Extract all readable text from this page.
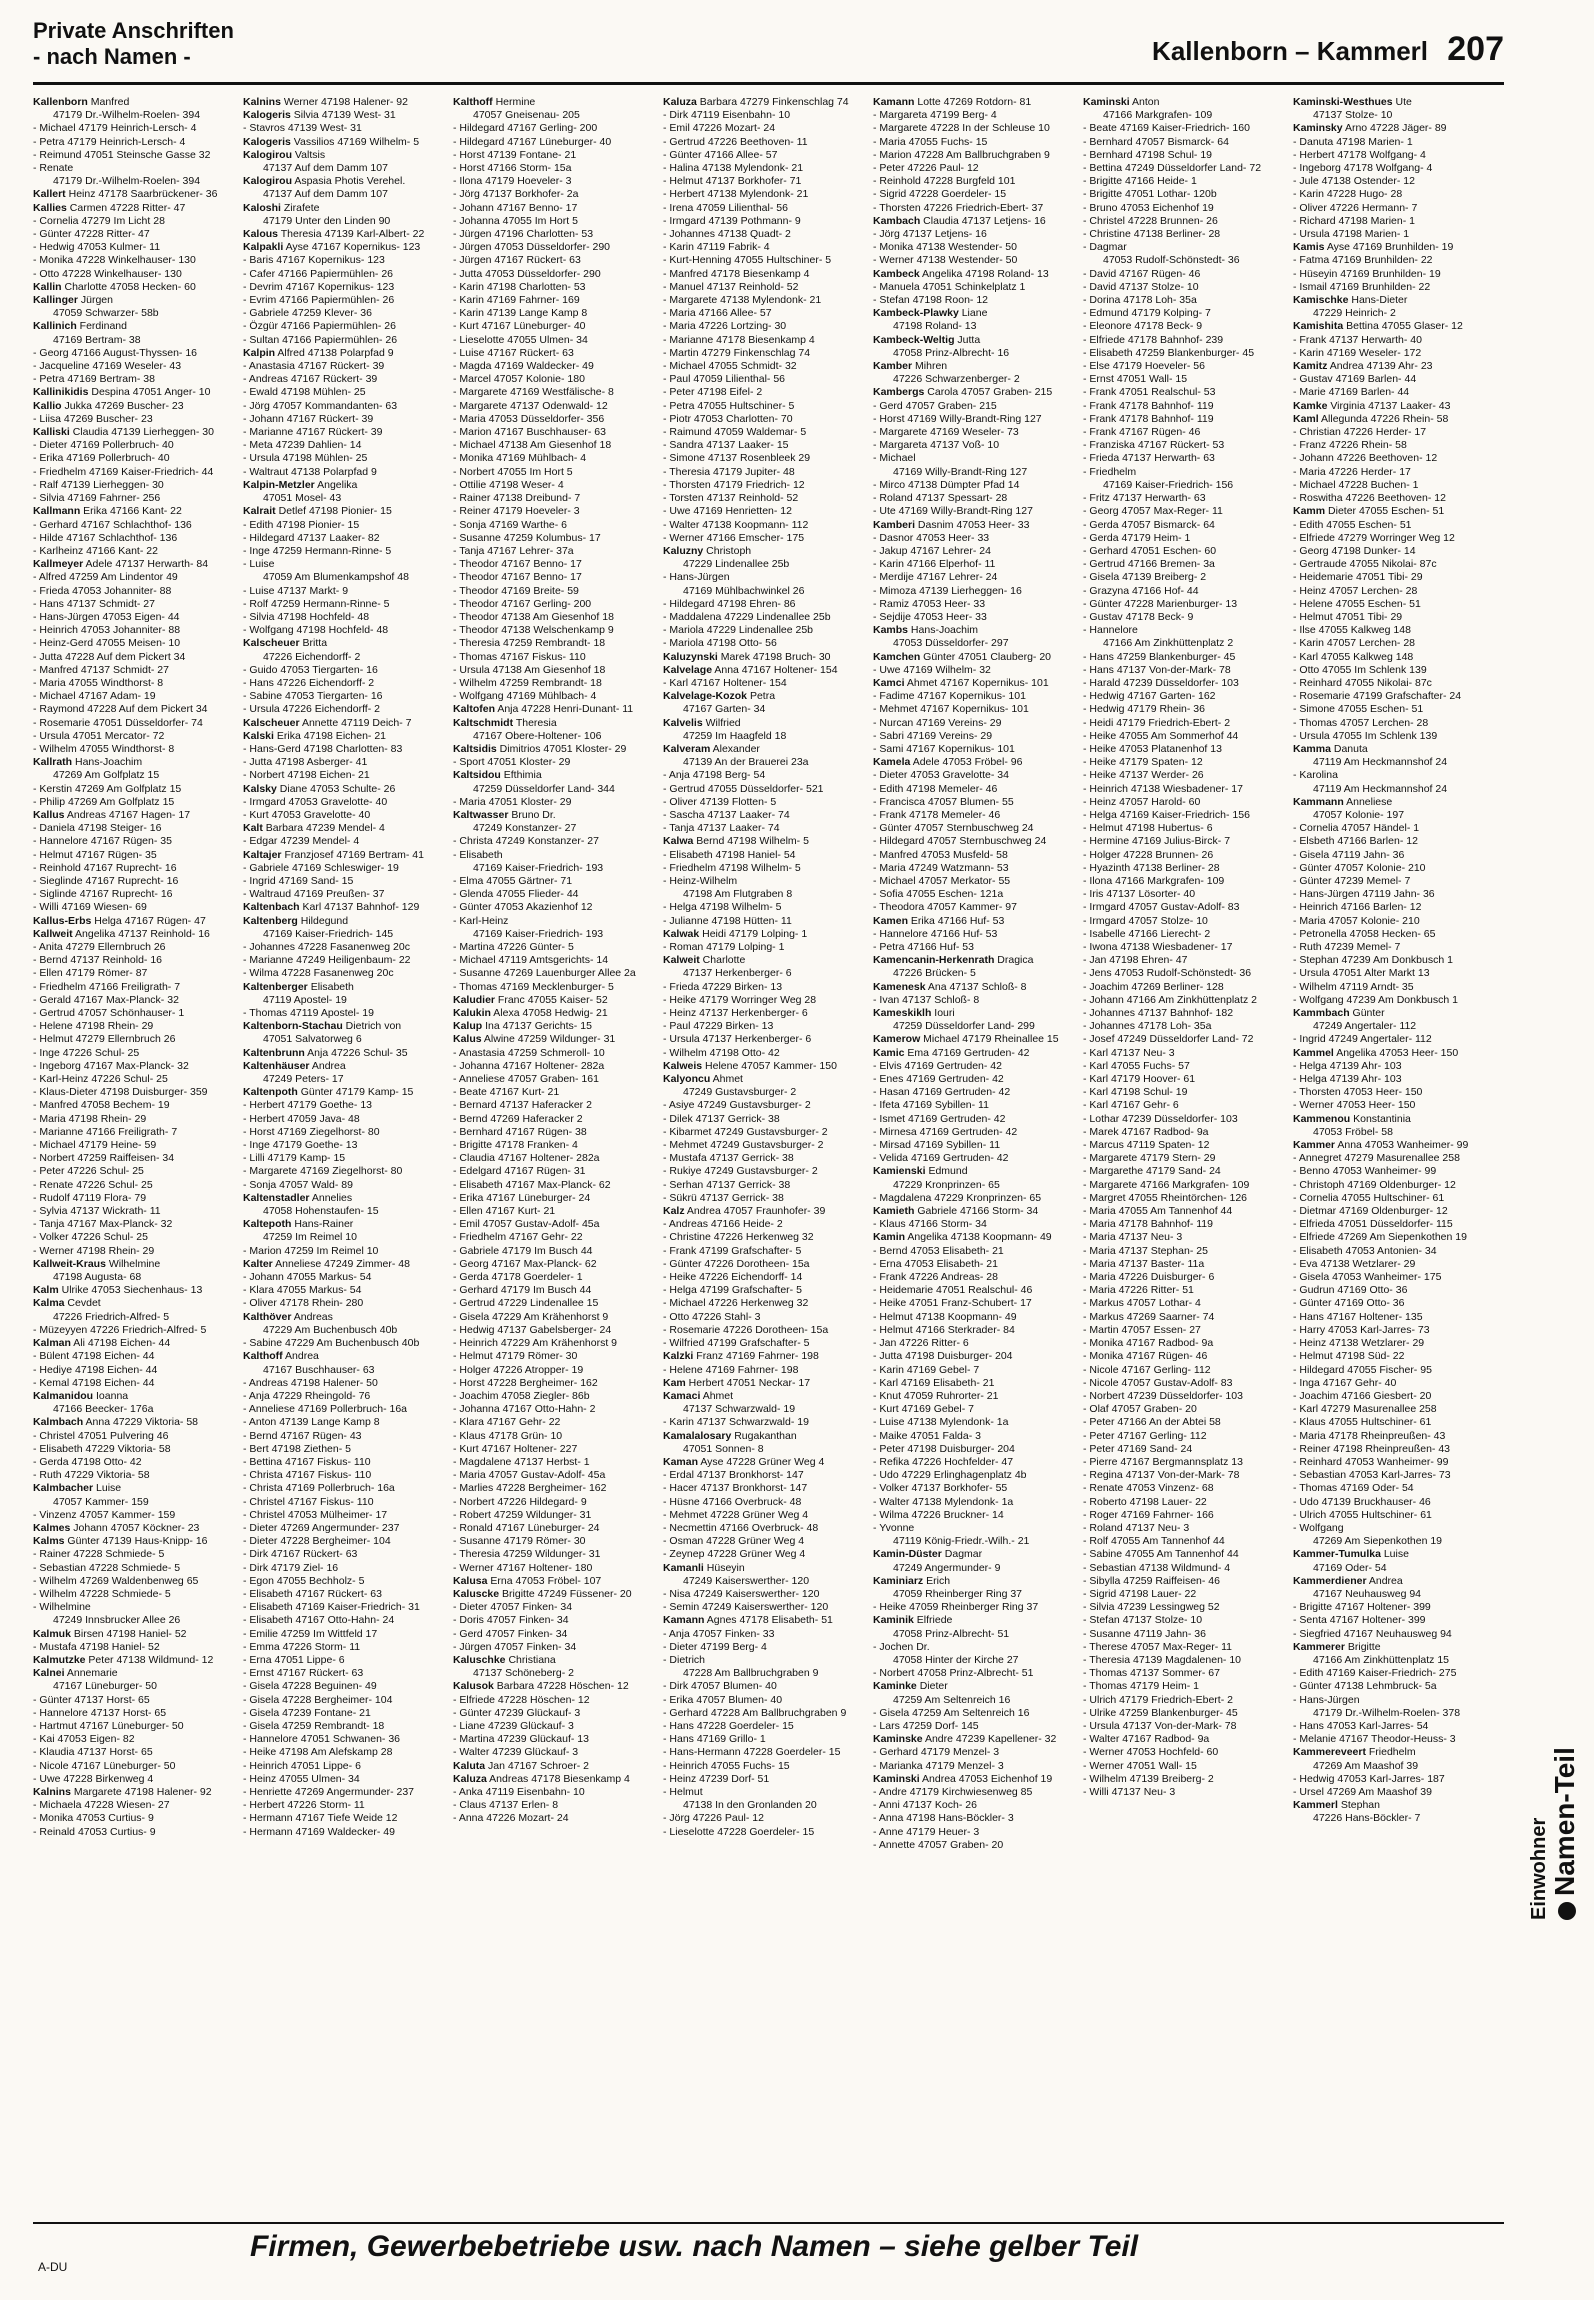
Private Anschriften
- nach Namen -	Kallenborn – Kammerl 207
Kallenborn Manfred
47179 Dr.-Wilhelm-Roelen- 394
- Michael 47179 Heinrich-Lersch- 4
- Petra 47179 Heinrich-Lersch- 4
- Reimund 47051 Steinsche Gasse 32
- Renate
47179 Dr.-Wilhelm-Roelen- 394
Kallert Heinz 47178 Saarbrückener- 36
Kallies Carmen 47228 Ritter- 47
- Cornelia 47279 Im Licht 28
- Günter 47228 Ritter- 47
- Hedwig 47053 Kulmer- 11
- Monika 47228 Winkelhauser- 130
- Otto 47228 Winkelhauser- 130
Kallin Charlotte 47058 Hecken- 60
Kallinger Jürgen
47059 Schwarzer- 58b
Kallinich Ferdinand
47169 Bertram- 38
- Georg 47166 August-Thyssen- 16
- Jacqueline 47169 Weseler- 43
- Petra 47169 Bertram- 38
Kallinikidis Despina 47051 Anger- 10
Kallio Jukka 47269 Buscher- 23
- Liisa 47269 Buscher- 23
Kalliski Claudia 47139 Lierheggen- 30
- Dieter 47169 Pollerbruch- 40
- Erika 47169 Pollerbruch- 40
- Friedhelm 47169 Kaiser-Friedrich- 44
- Ralf 47139 Lierheggen- 30
- Silvia 47169 Fahrner- 256
Kallmann Erika 47166 Kant- 22
- Gerhard 47167 Schlachthof- 136
- Hilde 47167 Schlachthof- 136
- Karlheinz 47166 Kant- 22
Kallmeyer Adele 47137 Herwarth- 84
- Alfred 47259 Am Lindentor 49
- Frieda 47053 Johanniter- 88
- Hans 47137 Schmidt- 27
- Hans-Jürgen 47053 Eigen- 44
- Heinrich 47053 Johanniter- 88
- Heinz-Gerd 47055 Meisen- 10
- Jutta 47228 Auf dem Pickert 34
- Manfred 47137 Schmidt- 27
- Maria 47055 Windthorst- 8
- Michael 47167 Adam- 19
- Raymond 47228 Auf dem Pickert 34
- Rosemarie 47051 Düsseldorfer- 74
- Ursula 47051 Mercator- 72
- Wilhelm 47055 Windthorst- 8
Kallrath Hans-Joachim
47269 Am Golfplatz 15
- Kerstin 47269 Am Golfplatz 15
- Philip 47269 Am Golfplatz 15
Kallus Andreas 47167 Hagen- 17
- Daniela 47198 Steiger- 16
- Hannelore 47167 Rügen- 35
- Helmut 47167 Rügen- 35
- Reinhold 47167 Ruprecht- 16
- Sieglinde 47167 Ruprecht- 16
- Siglinde 47167 Ruprecht- 16
- Willi 47169 Wiesen- 69
Kallus-Erbs Helga 47167 Rügen- 47
Kallweit Angelika 47137 Reinhold- 16
- Anita 47279 Ellernbruch 26
- Bernd 47137 Reinhold- 16
- Ellen 47179 Römer- 87
- Friedhelm 47166 Freiligrath- 7
- Gerald 47167 Max-Planck- 32
- Gertrud 47057 Schönhauser- 1
- Helene 47198 Rhein- 29
- Helmut 47279 Ellernbruch 26
- Inge 47226 Schul- 25
- Ingeborg 47167 Max-Planck- 32
- Karl-Heinz 47226 Schul- 25
- Klaus-Dieter 47198 Duisburger- 359
- Manfred 47058 Bechem- 19
- Maria 47198 Rhein- 29
- Marianne 47166 Freiligrath- 7
- Michael 47179 Heine- 59
- Norbert 47259 Raiffeisen- 34
- Peter 47226 Schul- 25
- Renate 47226 Schul- 25
- Rudolf 47119 Flora- 79
- Sylvia 47137 Wickrath- 11
- Tanja 47167 Max-Planck- 32
- Volker 47226 Schul- 25
- Werner 47198 Rhein- 29
Kallweit-Kraus Wilhelmine
47198 Augusta- 68
Kalm Ulrike 47053 Siechenhaus- 13
Kalma Cevdet
47226 Friedrich-Alfred- 5
- Müzeyyen 47226 Friedrich-Alfred- 5
Kalman Ali 47198 Eichen- 44
- Bülent 47198 Eichen- 44
- Hediye 47198 Eichen- 44
- Kemal 47198 Eichen- 44
Kalmanidou Ioanna
47166 Beecker- 176a
Kalmbach Anna 47229 Viktoria- 58
- Christel 47051 Pulvering 46
- Elisabeth 47229 Viktoria- 58
- Gerda 47198 Otto- 42
- Ruth 47229 Viktoria- 58
Kalmbacher Luise
47057 Kammer- 159
- Vinzenz 47057 Kammer- 159
Kalmes Johann 47057 Köckner- 23
Kalms Günter 47139 Haus-Knipp- 16
- Rainer 47228 Schmiede- 5
- Sebastian 47228 Schmiede- 5
- Wilhelm 47269 Waldenbenweg 65
- Wilhelm 47228 Schmiede- 5
- Wilhelmine
47249 Innsbrucker Allee 26
Kalmuk Birsen 47198 Haniel- 52
- Mustafa 47198 Haniel- 52
Kalmutzke Peter 47138 Wildmund- 12
Kalnei Annemarie
47167 Lüneburger- 50
- Günter 47137 Horst- 65
- Hannelore 47137 Horst- 65
- Hartmut 47167 Lüneburger- 50
- Kai 47053 Eigen- 82
- Klaudia 47137 Horst- 65
- Nicole 47167 Lüneburger- 50
- Uwe 47228 Birkenweg 4
Kalnins Margarete 47198 Halener- 92
- Michaela 47228 Wiesen- 27
- Monika 47053 Curtius- 9
- Reinald 47053 Curtius- 9
Kalnins Werner 47198 Halener- 92
Kalogeris Silvia 47139 West- 31
- Stavros 47139 West- 31
Kalogeris Vassilios 47169 Wilhelm- 5
Kalogirou Valtsis
47137 Auf dem Damm 107
Kalogirou Aspasia Photis Verehel.
47137 Auf dem Damm 107
Kaloshi Zirafete
47179 Unter den Linden 90
Kalous Theresia 47139 Karl-Albert- 22
Kalpakli Ayse 47167 Kopernikus- 123
- Baris 47167 Kopernikus- 123
- Cafer 47166 Papiermühlen- 26
- Devrim 47167 Kopernikus- 123
- Evrim 47166 Papiermühlen- 26
- Gabriele 47259 Klever- 36
- Özgür 47166 Papiermühlen- 26
- Sultan 47166 Papiermühlen- 26
Kalpin Alfred 47138 Polarpfad 9
- Anastasia 47167 Rückert- 39
- Andreas 47167 Rückert- 39
- Ewald 47198 Mühlen- 25
- Jörg 47057 Kommandanten- 63
- Johann 47167 Rückert- 39
- Marianne 47167 Rückert- 39
- Meta 47239 Dahlien- 14
- Ursula 47198 Mühlen- 25
- Waltraut 47138 Polarpfad 9
Kalpin-Metzler Angelika
47051 Mosel- 43
Kalrait Detlef 47198 Pionier- 15
- Edith 47198 Pionier- 15
- Hildegard 47137 Laaker- 82
- Inge 47259 Hermann-Rinne- 5
- Luise
47059 Am Blumenkampshof 48
- Luise 47137 Markt- 9
- Rolf 47259 Hermann-Rinne- 5
- Silvia 47198 Hochfeld- 48
- Wolfgang 47198 Hochfeld- 48
Kalscheuer Britta
47226 Eichendorff- 2
- Guido 47053 Tiergarten- 16
- Hans 47226 Eichendorff- 2
- Sabine 47053 Tiergarten- 16
- Ursula 47226 Eichendorff- 2
Kalscheuer Annette 47119 Deich- 7
Kalski Erika 47198 Eichen- 21
- Hans-Gerd 47198 Charlotten- 83
- Jutta 47198 Asberger- 41
- Norbert 47198 Eichen- 21
Kalsky Diane 47053 Schulte- 26
- Irmgard 47053 Gravelotte- 40
- Kurt 47053 Gravelotte- 40
Kalt Barbara 47239 Mendel- 4
- Edgar 47239 Mendel- 4
Kaltajer Franzjosef 47169 Bertram- 41
- Gabriele 47169 Schleswiger- 19
- Ingrid 47169 Sand- 15
- Waltraud 47169 Preußen- 37
Kaltenbach Karl 47137 Bahnhof- 129
Kaltenberg Hildegund
47169 Kaiser-Friedrich- 145
- Johannes 47228 Fasanenweg 20c
- Marianne 47249 Heiligenbaum- 22
- Wilma 47228 Fasanenweg 20c
Kaltenberger Elisabeth
47119 Apostel- 19
- Thomas 47119 Apostel- 19
Kaltenborn-Stachau Dietrich von
47051 Salvatorweg 6
Kaltenbrunn Anja 47226 Schul- 35
Kaltenhäuser Andrea
47249 Peters- 17
Kaltenpoth Günter 47179 Kamp- 15
- Herbert 47179 Goethe- 13
- Herbert 47059 Java- 48
- Horst 47169 Ziegelhorst- 80
- Inge 47179 Goethe- 13
- Lilli 47179 Kamp- 15
- Margarete 47169 Ziegelhorst- 80
- Sonja 47057 Wald- 89
Kaltenstadler Annelies
47058 Hohenstaufen- 15
Kaltepoth Hans-Rainer
47259 Im Reimel 10
- Marion 47259 Im Reimel 10
Kalter Anneliese 47249 Zimmer- 48
- Johann 47055 Markus- 54
- Klara 47055 Markus- 54
- Oliver 47178 Rhein- 280
Kalthöver Andreas
47229 Am Buchenbusch 40b
- Sabine 47229 Am Buchenbusch 40b
Kalthoff Andrea
47167 Buschhauser- 63
- Andreas 47198 Halener- 50
- Anja 47229 Rheingold- 76
- Anneliese 47169 Pollerbruch- 16a
- Anton 47139 Lange Kamp 8
- Bernd 47167 Rügen- 43
- Bert 47198 Ziethen- 5
- Bettina 47167 Fiskus- 110
- Christa 47167 Fiskus- 110
- Christa 47169 Pollerbruch- 16a
- Christel 47167 Fiskus- 110
- Christel 47053 Mülheimer- 17
- Dieter 47269 Angermunder- 237
- Dieter 47228 Bergheimer- 104
- Dirk 47167 Rückert- 63
- Dirk 47179 Ziel- 16
- Egon 47055 Bechholz- 5
- Elisabeth 47167 Rückert- 63
- Elisabeth 47169 Kaiser-Friedrich- 31
- Elisabeth 47167 Otto-Hahn- 24
- Emilie 47259 Im Wittfeld 17
- Emma 47226 Storm- 11
- Erna 47051 Lippe- 6
- Ernst 47167 Rückert- 63
- Gisela 47228 Beguinen- 49
- Gisela 47228 Bergheimer- 104
- Gisela 47239 Fontane- 21
- Gisela 47259 Rembrandt- 18
- Hannelore 47051 Schwanen- 36
- Heike 47198 Am Alefskamp 28
- Heinrich 47051 Lippe- 6
- Heinz 47055 Ulmen- 34
- Henriette 47269 Angermunder- 237
- Herbert 47226 Storm- 11
- Hermann 47167 Tiefe Weide 12
- Hermann 47169 Waldecker- 49
Kalthoff Hermine
47057 Gneisenau- 205
- Hildegard 47167 Gerling- 200
- Hildegard 47167 Lüneburger- 40
- Horst 47139 Fontane- 21
- Horst 47166 Storm- 15a
- Ilona 47179 Hoeveler- 3
- Jörg 47137 Borkhofer- 2a
- Johann 47167 Benno- 17
- Johanna 47055 Im Hort 5
- Jürgen 47196 Charlotten- 53
- Jürgen 47053 Düsseldorfer- 290
- Jürgen 47167 Rückert- 63
- Jutta 47053 Düsseldorfer- 290
- Karin 47198 Charlotten- 53
- Karin 47169 Fahrner- 169
- Karin 47139 Lange Kamp 8
- Kurt 47167 Lüneburger- 40
- Lieselotte 47055 Ulmen- 34
- Luise 47167 Rückert- 63
- Magda 47169 Waldecker- 49
- Marcel 47057 Kolonie- 180
- Margarete 47169 Westfälische- 8
- Margarete 47137 Odenwald- 12
- Maria 47053 Düsseldorfer- 356
- Marion 47167 Buschhauser- 63
- Michael 47138 Am Giesenhof 18
- Monika 47169 Mühlbach- 4
- Norbert 47055 Im Hort 5
- Ottilie 47198 Weser- 4
- Rainer 47138 Dreibund- 7
- Reiner 47179 Hoeveler- 3
- Sonja 47169 Warthe- 6
- Susanne 47259 Kolumbus- 17
- Tanja 47167 Lehrer- 37a
- Theodor 47167 Benno- 17
- Theodor 47167 Benno- 17
- Theodor 47169 Breite- 59
- Theodor 47167 Gerling- 200
- Theodor 47138 Am Giesenhof 18
- Theodor 47138 Welschenkamp 9
- Theresia 47259 Rembrandt- 18
- Thomas 47167 Fiskus- 110
- Ursula 47138 Am Giesenhof 18
- Wilhelm 47259 Rembrandt- 18
- Wolfgang 47169 Mühlbach- 4
Kaltofen Anja 47228 Henri-Dunant- 11
Kaltschmidt Theresia
47167 Obere-Holtener- 106
Kaltsidis Dimitrios 47051 Kloster- 29
- Sport 47051 Kloster- 29
Kaltsidou Efthimia
47259 Düsseldorfer Land- 344
- Maria 47051 Kloster- 29
Kaltwasser Bruno Dr.
47249 Konstanzer- 27
- Christa 47249 Konstanzer- 27
- Elisabeth
47169 Kaiser-Friedrich- 193
- Elma 47055 Gärtner- 71
- Glenda 47055 Flieder- 44
- Günter 47053 Akazienhof 12
- Karl-Heinz
47169 Kaiser-Friedrich- 193
- Martina 47226 Günter- 5
- Michael 47119 Amtsgerichts- 14
- Susanne 47269 Lauenburger Allee 2a
- Thomas 47169 Mecklenburger- 5
Kaludier Franc 47055 Kaiser- 52
Kalukin Alexa 47058 Hedwig- 21
Kalup Ina 47137 Gerichts- 15
Kalus Alwine 47259 Wildunger- 31
- Anastasia 47259 Schmeroll- 10
- Johanna 47167 Holtener- 282a
- Anneliese 47057 Graben- 161
- Beate 47167 Kurt- 21
- Bernard 47137 Haferacker 2
- Bernd 47269 Haferacker 2
- Bernhard 47167 Rügen- 38
- Brigitte 47178 Franken- 4
- Claudia 47167 Holtener- 282a
- Edelgard 47167 Rügen- 31
- Elisabeth 47167 Max-Planck- 62
- Erika 47167 Lüneburger- 24
- Ellen 47167 Kurt- 21
- Emil 47057 Gustav-Adolf- 45a
- Friedhelm 47167 Gehr- 22
- Gabriele 47179 Im Busch 44
- Georg 47167 Max-Planck- 62
- Gerda 47178 Goerdeler- 1
- Gerhard 47179 Im Busch 44
- Gertrud 47229 Lindenallee 15
- Gisela 47229 Am Krähenhorst 9
- Hedwig 47137 Gabelsberger- 24
- Heinrich 47229 Am Krähenhorst 9
- Helmut 47179 Römer- 30
- Holger 47226 Atropper- 19
- Horst 47228 Bergheimer- 162
- Joachim 47058 Ziegler- 86b
- Johanna 47167 Otto-Hahn- 2
- Klara 47167 Gehr- 22
- Klaus 47178 Grün- 10
- Kurt 47167 Holtener- 227
- Magdalene 47137 Herbst- 1
- Maria 47057 Gustav-Adolf- 45a
- Marlies 47228 Bergheimer- 162
- Norbert 47226 Hildegard- 9
- Robert 47259 Wildunger- 31
- Ronald 47167 Lüneburger- 24
- Susanne 47179 Römer- 30
- Theresia 47259 Wildunger- 31
- Werner 47167 Holtener- 180
Kalusa Erna 47053 Fröbel- 107
Kaluscke Brigitte 47249 Füssener- 20
- Dieter 47057 Finken- 34
- Doris 47057 Finken- 34
- Gerd 47057 Finken- 34
- Jürgen 47057 Finken- 34
Kaluschke Christiana
47137 Schöneberg- 2
Kalusok Barbara 47228 Höschen- 12
- Elfriede 47228 Höschen- 12
- Günter 47239 Glückauf- 3
- Liane 47239 Glückauf- 3
- Martina 47239 Glückauf- 13
- Walter 47239 Glückauf- 3
Kaluta Jan 47167 Schroer- 2
Kaluza Andreas 47178 Biesenkamp 4
- Anka 47119 Eisenbahn- 10
- Claus 47137 Erlen- 8
- Anna 47226 Mozart- 24
Kaluza Barbara 47279 Finkenschlag 74
- Dirk 47119 Eisenbahn- 10
- Emil 47226 Mozart- 24
- Gertrud 47226 Beethoven- 11
- Günter 47166 Allee- 57
- Halina 47138 Mylendonk- 21
- Helmut 47137 Borkhofer- 71
- Herbert 47138 Mylendonk- 21
- Irena 47059 Lilienthal- 56
- Irmgard 47139 Pothmann- 9
- Johannes 47138 Quadt- 2
- Karin 47119 Fabrik- 4
- Kurt-Henning 47055 Hultschiner- 5
- Manfred 47178 Biesenkamp 4
- Manuel 47137 Reinhold- 52
- Margarete 47138 Mylendonk- 21
- Maria 47166 Allee- 57
- Maria 47226 Lortzing- 30
- Marianne 47178 Biesenkamp 4
- Martin 47279 Finkenschlag 74
- Michael 47055 Schmidt- 32
- Paul 47059 Lilienthal- 56
- Peter 47198 Eifel- 2
- Petra 47055 Hultschiner- 5
- Piotr 47053 Charlotten- 70
- Raimund 47059 Waldemar- 5
- Sandra 47137 Laaker- 15
- Simone 47137 Rosenbleek 29
- Theresia 47179 Jupiter- 48
- Thorsten 47179 Friedrich- 12
- Torsten 47137 Reinhold- 52
- Uwe 47169 Henrietten- 12
- Walter 47138 Koopmann- 112
- Werner 47166 Emscher- 175
Kaluzny Christoph
47229 Lindenallee 25b
- Hans-Jürgen
47169 Mühlbachwinkel 26
- Hildegard 47198 Ehren- 86
- Maddalena 47229 Lindenallee 25b
- Mariola 47229 Lindenallee 25b
- Mariola 47198 Otto- 56
Kaluzynski Marek 47198 Bruch- 30
Kalvelage Anna 47167 Holtener- 154
- Karl 47167 Holtener- 154
Kalvelage-Kozok Petra
47167 Garten- 34
Kalvelis Wilfried
47259 Im Haagfeld 18
Kalveram Alexander
47139 An der Brauerei 23a
- Anja 47198 Berg- 54
- Gertrud 47055 Düsseldorfer- 521
- Oliver 47139 Flotten- 5
- Sascha 47137 Laaker- 74
- Tanja 47137 Laaker- 74
Kalwa Bernd 47198 Wilhelm- 5
- Elisabeth 47198 Haniel- 54
- Friedhelm 47198 Wilhelm- 5
- Heinz-Wilhelm
47198 Am Flutgraben 8
- Helga 47198 Wilhelm- 5
- Julianne 47198 Hütten- 11
Kalwak Heidi 47179 Lolping- 1
- Roman 47179 Lolping- 1
Kalweit Charlotte
47137 Herkenberger- 6
- Frieda 47229 Birken- 13
- Heike 47179 Worringer Weg 28
- Heinz 47137 Herkenberger- 6
- Paul 47229 Birken- 13
- Ursula 47137 Herkenberger- 6
- Wilhelm 47198 Otto- 42
Kalweis Helene 47057 Kammer- 150
Kalyoncu Ahmet
47249 Gustavsburger- 2
- Asiye 47249 Gustavsburger- 2
- Dilek 47137 Gerrick- 38
- Kibarmet 47249 Gustavsburger- 2
- Mehmet 47249 Gustavsburger- 2
- Mustafa 47137 Gerrick- 38
- Rukiye 47249 Gustavsburger- 2
- Serhan 47137 Gerrick- 38
- Sükrü 47137 Gerrick- 38
Kalz Andrea 47057 Fraunhofer- 39
- Andreas 47166 Heide- 2
- Christine 47226 Herkenweg 32
- Frank 47199 Grafschafter- 5
- Günter 47226 Dorotheen- 15a
- Heike 47226 Eichendorff- 14
- Helga 47199 Grafschafter- 5
- Michael 47226 Herkenweg 32
- Otto 47226 Stahl- 3
- Rosemarie 47226 Dorotheen- 15a
- Wilfried 47199 Grafschafter- 5
Kalzki Franz 47169 Fahrner- 198
- Helene 47169 Fahrner- 198
Kam Herbert 47051 Neckar- 17
Kamaci Ahmet
47137 Schwarzwald- 19
- Karin 47137 Schwarzwald- 19
Kamalalosary Rugakanthan
47051 Sonnen- 8
Kaman Ayse 47228 Grüner Weg 4
- Erdal 47137 Bronkhorst- 147
- Hacer 47137 Bronkhorst- 147
- Hüsne 47166 Overbruck- 48
- Mehmet 47228 Grüner Weg 4
- Necmettin 47166 Overbruck- 48
- Osman 47228 Grüner Weg 4
- Zeynep 47228 Grüner Weg 4
Kamanli Hüseyin
47249 Kaiserswerther- 120
- Nisa 47249 Kaiserswerther- 120
- Semin 47249 Kaiserswerther- 120
Kamann Agnes 47178 Elisabeth- 51
- Anja 47057 Finken- 33
- Dieter 47199 Berg- 4
- Dietrich
47228 Am Ballbruchgraben 9
- Dirk 47057 Blumen- 40
- Erika 47057 Blumen- 40
- Gerhard 47228 Am Ballbruchgraben 9
- Hans 47228 Goerdeler- 15
- Hans 47169 Grillo- 1
- Hans-Hermann 47228 Goerdeler- 15
- Heinrich 47055 Fuchs- 15
- Heinz 47239 Dorf- 51
- Helmut
47138 In den Gronlanden 20
- Jörg 47226 Paul- 12
- Lieselotte 47228 Goerdeler- 15
Kamann Lotte 47269 Rotdorn- 81
- Margareta 47199 Berg- 4
- Margarete 47228 In der Schleuse 10
- Maria 47055 Fuchs- 15
- Marion 47228 Am Ballbruchgraben 9
- Peter 47226 Paul- 12
- Reinhold 47228 Burgfeld 101
- Sigrid 47228 Goerdeler- 15
- Thorsten 47226 Friedrich-Ebert- 37
Kambach Claudia 47137 Letjens- 16
- Jörg 47137 Letjens- 16
- Monika 47138 Westender- 50
- Werner 47138 Westender- 50
Kambeck Angelika 47198 Roland- 13
- Manuela 47051 Schinkelplatz 1
- Stefan 47198 Roon- 12
Kambeck-Plawky Liane
47198 Roland- 13
Kambeck-Weltig Jutta
47058 Prinz-Albrecht- 16
Kamber Mihren
47226 Schwarzenberger- 2
Kambergs Carola 47057 Graben- 215
- Gerd 47057 Graben- 215
- Horst 47169 Willy-Brandt-Ring 127
- Margarete 47169 Weseler- 73
- Margareta 47137 Voß- 10
- Michael
47169 Willy-Brandt-Ring 127
- Mirco 47138 Dümpter Pfad 14
- Roland 47137 Spessart- 28
- Ute 47169 Willy-Brandt-Ring 127
Kamberi Dasnim 47053 Heer- 33
- Dasnor 47053 Heer- 33
- Jakup 47167 Lehrer- 24
- Karin 47166 Elperhof- 11
- Merdije 47167 Lehrer- 24
- Mimoza 47139 Lierheggen- 16
- Ramiz 47053 Heer- 33
- Sejdije 47053 Heer- 33
Kambs Hans-Joachim
47053 Düsseldorfer- 297
Kamchen Günter 47051 Clauberg- 20
- Uwe 47169 Wilhelm- 32
Kamci Ahmet 47167 Kopernikus- 101
- Fadime 47167 Kopernikus- 101
- Mehmet 47167 Kopernikus- 101
- Nurcan 47169 Vereins- 29
- Sabri 47169 Vereins- 29
- Sami 47167 Kopernikus- 101
Kamela Adele 47053 Fröbel- 96
- Dieter 47053 Gravelotte- 34
- Edith 47198 Memeler- 46
- Francisca 47057 Blumen- 55
- Frank 47178 Memeler- 46
- Günter 47057 Sternbuschweg 24
- Hildegard 47057 Sternbuschweg 24
- Manfred 47053 Musfeld- 58
- Maria 47249 Watzmann- 53
- Michael 47057 Merkator- 55
- Sofia 47055 Eschen- 121a
- Theodora 47057 Kammer- 97
Kamen Erika 47166 Huf- 53
- Hannelore 47166 Huf- 53
- Petra 47166 Huf- 53
Kamencanin-Herkenrath Dragica
47226 Brücken- 5
Kamenesk Ana 47137 Schloß- 8
- Ivan 47137 Schloß- 8
Kameskiklh Iouri
47259 Düsseldorfer Land- 299
Kamerow Michael 47179 Rheinallee 15
Kamic Ema 47169 Gertruden- 42
- Elvis 47169 Gertruden- 42
- Enes 47169 Gertruden- 42
- Hasan 47169 Gertruden- 42
- Ifeta 47169 Sybillen- 11
- Ismet 47169 Gertruden- 42
- Mirnesa 47169 Gertruden- 42
- Mirsad 47169 Sybillen- 11
- Velida 47169 Gertruden- 42
Kamienski Edmund
47229 Kronprinzen- 65
- Magdalena 47229 Kronprinzen- 65
Kamieth Gabriele 47166 Storm- 34
- Klaus 47166 Storm- 34
Kamin Angelika 47138 Koopmann- 49
- Bernd 47053 Elisabeth- 21
- Erna 47053 Elisabeth- 21
- Frank 47226 Andreas- 28
- Heidemarie 47051 Realschul- 46
- Heike 47051 Franz-Schubert- 17
- Helmut 47138 Koopmann- 49
- Helmut 47166 Sterkrader- 84
- Jan 47226 Ritter- 6
- Jutta 47198 Duisburger- 204
- Karin 47169 Gebel- 7
- Karl 47169 Elisabeth- 21
- Knut 47059 Ruhrorter- 21
- Kurt 47169 Gebel- 7
- Luise 47138 Mylendonk- 1a
- Maike 47051 Falda- 3
- Peter 47198 Duisburger- 204
- Refika 47226 Hochfelder- 47
- Udo 47229 Erlinghagenplatz 4b
- Volker 47137 Borkhofer- 55
- Walter 47138 Mylendonk- 1a
- Wilma 47226 Bruckner- 14
- Yvonne
47119 König-Friedr.-Wilh.- 21
Kamin-Düster Dagmar
47249 Angermunder- 9
Kaminiarz Erich
47059 Rheinberger Ring 37
- Heike 47059 Rheinberger Ring 37
Kaminik Elfriede
47058 Prinz-Albrecht- 51
- Jochen Dr.
47058 Hinter der Kirche 27
- Norbert 47058 Prinz-Albrecht- 51
Kaminke Dieter
47259 Am Seltenreich 16
- Gisela 47259 Am Seltenreich 16
- Lars 47259 Dorf- 145
Kaminske Andre 47239 Kapellener- 32
- Gerhard 47179 Menzel- 3
- Marianka 47179 Menzel- 3
Kaminski Andrea 47053 Eichenhof 19
- Andre 47179 Kirchwiesenweg 85
- Anni 47137 Koch- 26
- Anna 47198 Hans-Böckler- 3
- Anne 47179 Heuer- 3
- Annette 47057 Graben- 20
Kaminski Anton
47166 Markgrafen- 109
- Beate 47169 Kaiser-Friedrich- 160
- Bernhard 47057 Bismarck- 64
- Bernhard 47198 Schul- 19
- Bettina 47249 Düsseldorfer Land- 72
- Brigitte 47166 Heide- 1
- Brigitte 47051 Lothar- 120b
- Bruno 47053 Eichenhof 19
- Christel 47228 Brunnen- 26
- Christine 47138 Berliner- 28
- Dagmar
47053 Rudolf-Schönstedt- 36
- David 47167 Rügen- 46
- David 47137 Stolze- 10
- Dorina 47178 Loh- 35a
- Edmund 47179 Kolping- 7
- Eleonore 47178 Beck- 9
- Elfriede 47178 Bahnhof- 239
- Elisabeth 47259 Blankenburger- 45
- Else 47179 Hoeveler- 56
- Ernst 47051 Wall- 15
- Frank 47051 Realschul- 53
- Frank 47178 Bahnhof- 119
- Frank 47178 Bahnhof- 119
- Frank 47167 Rügen- 46
- Franziska 47167 Rückert- 53
- Frieda 47137 Herwarth- 63
- Friedhelm
47169 Kaiser-Friedrich- 156
- Fritz 47137 Herwarth- 63
- Georg 47057 Max-Reger- 11
- Gerda 47057 Bismarck- 64
- Gerda 47179 Heim- 1
- Gerhard 47051 Eschen- 60
- Gertrud 47166 Bremen- 3a
- Gisela 47139 Breiberg- 2
- Grazyna 47166 Hof- 44
- Günter 47228 Marienburger- 13
- Gustav 47178 Beck- 9
- Hannelore
47166 Am Zinkhüttenplatz 2
- Hans 47259 Blankenburger- 45
- Hans 47137 Von-der-Mark- 78
- Harald 47239 Düsseldorfer- 103
- Hedwig 47167 Garten- 162
- Hedwig 47179 Rhein- 36
- Heidi 47179 Friedrich-Ebert- 2
- Heike 47055 Am Sommerhof 44
- Heike 47053 Platanenhof 13
- Heike 47179 Spaten- 12
- Heike 47137 Werder- 26
- Heinrich 47138 Wiesbadener- 17
- Heinz 47057 Harold- 60
- Helga 47169 Kaiser-Friedrich- 156
- Helmut 47198 Hubertus- 6
- Hermine 47169 Julius-Birck- 7
- Holger 47228 Brunnen- 26
- Hyazinth 47138 Berliner- 28
- Ilona 47166 Markgrafen- 109
- Iris 47137 Lösorter- 40
- Irmgard 47057 Gustav-Adolf- 83
- Irmgard 47057 Stolze- 10
- Isabelle 47166 Lierecht- 2
- Iwona 47138 Wiesbadener- 17
- Jan 47198 Ehren- 47
- Jens 47053 Rudolf-Schönstedt- 36
- Joachim 47269 Berliner- 128
- Johann 47166 Am Zinkhüttenplatz 2
- Johannes 47137 Bahnhof- 182
- Johannes 47178 Loh- 35a
- Josef 47249 Düsseldorfer Land- 72
- Karl 47137 Neu- 3
- Karl 47055 Fuchs- 57
- Karl 47179 Hoover- 61
- Karl 47198 Schul- 19
- Karl 47167 Gehr- 6
- Lothar 47239 Düsseldorfer- 103
- Marek 47167 Radbod- 9a
- Marcus 47119 Spaten- 12
- Margarete 47179 Stern- 29
- Margarethe 47179 Sand- 24
- Margarete 47166 Markgrafen- 109
- Margret 47055 Rheintörchen- 126
- Maria 47055 Am Tannenhof 44
- Maria 47178 Bahnhof- 119
- Maria 47137 Neu- 3
- Maria 47137 Stephan- 25
- Maria 47137 Baster- 11a
- Maria 47226 Duisburger- 6
- Maria 47226 Ritter- 51
- Markus 47057 Lothar- 4
- Markus 47269 Saarner- 74
- Martin 47057 Essen- 27
- Monika 47167 Radbod- 9a
- Monika 47167 Rügen- 46
- Nicole 47167 Gerling- 112
- Nicole 47057 Gustav-Adolf- 83
- Norbert 47239 Düsseldorfer- 103
- Olaf 47057 Graben- 20
- Peter 47166 An der Abtei 58
- Peter 47167 Gerling- 112
- Peter 47169 Sand- 24
- Pierre 47167 Bergmannsplatz 13
- Regina 47137 Von-der-Mark- 78
- Renate 47053 Vinzenz- 68
- Roberto 47198 Lauer- 22
- Roger 47169 Fahrner- 166
- Roland 47137 Neu- 3
- Rolf 47055 Am Tannenhof 44
- Sabine 47055 Am Tannenhof 44
- Sebastian 47138 Wildmund- 4
- Sibylla 47259 Raiffeisen- 46
- Sigrid 47198 Lauer- 22
- Silvia 47239 Lessingweg 52
- Stefan 47137 Stolze- 10
- Susanne 47119 Jahn- 36
- Therese 47057 Max-Reger- 11
- Theresia 47139 Magdalenen- 10
- Thomas 47137 Sommer- 67
- Thomas 47179 Heim- 1
- Ulrich 47179 Friedrich-Ebert- 2
- Ulrike 47259 Blankenburger- 45
- Ursula 47137 Von-der-Mark- 78
- Walter 47167 Radbod- 9a
- Werner 47053 Hochfeld- 60
- Werner 47051 Wall- 15
- Wilhelm 47139 Breiberg- 2
- Willi 47137 Neu- 3
Kaminski-Westhues Ute
47137 Stolze- 10
Kaminsky Arno 47228 Jäger- 89
- Danuta 47198 Marien- 1
- Herbert 47178 Wolfgang- 4
- Ingeborg 47178 Wolfgang- 4
- Jule 47138 Ostender- 12
- Karin 47228 Hugo- 28
- Oliver 47226 Hermann- 7
- Richard 47198 Marien- 1
- Ursula 47198 Marien- 1
Kamis Ayse 47169 Brunhilden- 19
- Fatma 47169 Brunhilden- 22
- Hüseyin 47169 Brunhilden- 19
- Ismail 47169 Brunhilden- 22
Kamischke Hans-Dieter
47229 Heinrich- 2
Kamishita Bettina 47055 Glaser- 12
- Frank 47137 Herwarth- 40
- Karin 47169 Weseler- 172
Kamitz Andrea 47139 Ahr- 23
- Gustav 47169 Barlen- 44
- Marie 47169 Barlen- 44
Kamke Virginia 47137 Laaker- 43
Kaml Allegunda 47226 Rhein- 58
- Christian 47226 Herder- 17
- Franz 47226 Rhein- 58
- Johann 47226 Beethoven- 12
- Maria 47226 Herder- 17
- Michael 47228 Buchen- 1
- Roswitha 47226 Beethoven- 12
Kamm Dieter 47055 Eschen- 51
- Edith 47055 Eschen- 51
- Elfriede 47279 Worringer Weg 12
- Georg 47198 Dunker- 14
- Gertraude 47055 Nikolai- 87c
- Heidemarie 47051 Tibi- 29
- Heinz 47057 Lerchen- 28
- Helene 47055 Eschen- 51
- Helmut 47051 Tibi- 29
- Ilse 47055 Kalkweg 148
- Karin 47057 Lerchen- 28
- Karl 47055 Kalkweg 148
- Otto 47055 Im Schlenk 139
- Reinhard 47055 Nikolai- 87c
- Rosemarie 47199 Grafschafter- 24
- Simone 47055 Eschen- 51
- Thomas 47057 Lerchen- 28
- Ursula 47055 Im Schlenk 139
Kamma Danuta
47119 Am Heckmannshof 24
- Karolina
47119 Am Heckmannshof 24
Kammann Anneliese
47057 Kolonie- 197
- Cornelia 47057 Händel- 1
- Elsbeth 47166 Barlen- 12
- Gisela 47119 Jahn- 36
- Günter 47057 Kolonie- 210
- Günter 47239 Memel- 7
- Hans-Jürgen 47119 Jahn- 36
- Heinrich 47166 Barlen- 12
- Maria 47057 Kolonie- 210
- Petronella 47058 Hecken- 65
- Ruth 47239 Memel- 7
- Stephan 47239 Am Donkbusch 1
- Ursula 47051 Alter Markt 13
- Wilhelm 47119 Arndt- 35
- Wolfgang 47239 Am Donkbusch 1
Kammbach Günter
47249 Angertaler- 112
- Ingrid 47249 Angertaler- 112
Kammel Angelika 47053 Heer- 150
- Helga 47139 Ahr- 103
- Helga 47139 Ahr- 103
- Thorsten 47053 Heer- 150
- Werner 47053 Heer- 150
Kammenou Konstantinia
47053 Fröbel- 58
Kammer Anna 47053 Wanheimer- 99
- Annegret 47279 Masurenallee 258
- Benno 47053 Wanheimer- 99
- Christoph 47169 Oldenburger- 12
- Cornelia 47055 Hultschiner- 61
- Dietmar 47169 Oldenburger- 12
- Elfrieda 47051 Düsseldorfer- 115
- Elfriede 47269 Am Siepenkothen 19
- Elisabeth 47053 Antonien- 34
- Eva 47138 Wetzlarer- 29
- Gisela 47053 Wanheimer- 175
- Gudrun 47169 Otto- 36
- Günter 47169 Otto- 36
- Hans 47167 Holtener- 135
- Harry 47053 Karl-Jarres- 73
- Heinz 47138 Wetzlarer- 29
- Helmut 47198 Süd- 22
- Hildegard 47055 Fischer- 95
- Inga 47167 Gehr- 40
- Joachim 47166 Giesbert- 20
- Karl 47279 Masurenallee 258
- Klaus 47055 Hultschiner- 61
- Maria 47178 Rheinpreußen- 43
- Reiner 47198 Rheinpreußen- 43
- Reinhard 47053 Wanheimer- 99
- Sebastian 47053 Karl-Jarres- 73
- Thomas 47169 Oder- 54
- Udo 47139 Bruckhauser- 46
- Ulrich 47055 Hultschiner- 61
- Wolfgang
47269 Am Siepenkothen 19
Kammer-Tumulka Luise
47169 Oder- 54
Kammerdiener Andrea
47167 Neuhausweg 94
- Brigitte 47167 Holtener- 399
- Senta 47167 Holtener- 399
- Siegfried 47167 Neuhausweg 94
Kammerer Brigitte
47166 Am Zinkhüttenplatz 15
- Edith 47169 Kaiser-Friedrich- 275
- Günter 47138 Lehmbruck- 5a
- Hans-Jürgen
47179 Dr.-Wilhelm-Roelen- 378
- Hans 47053 Karl-Jarres- 54
- Melanie 47167 Theodor-Heuss- 3
Kammereveert Friedhelm
47269 Am Maashof 39
- Hedwig 47053 Karl-Jarres- 187
- Ursel 47269 Am Maashof 39
Kammerl Stephan
47226 Hans-Böckler- 7	Einwohner Namen-Teil
Firmen, Gewerbebetriebe usw. nach Namen – siehe gelber Teil
A-DU
